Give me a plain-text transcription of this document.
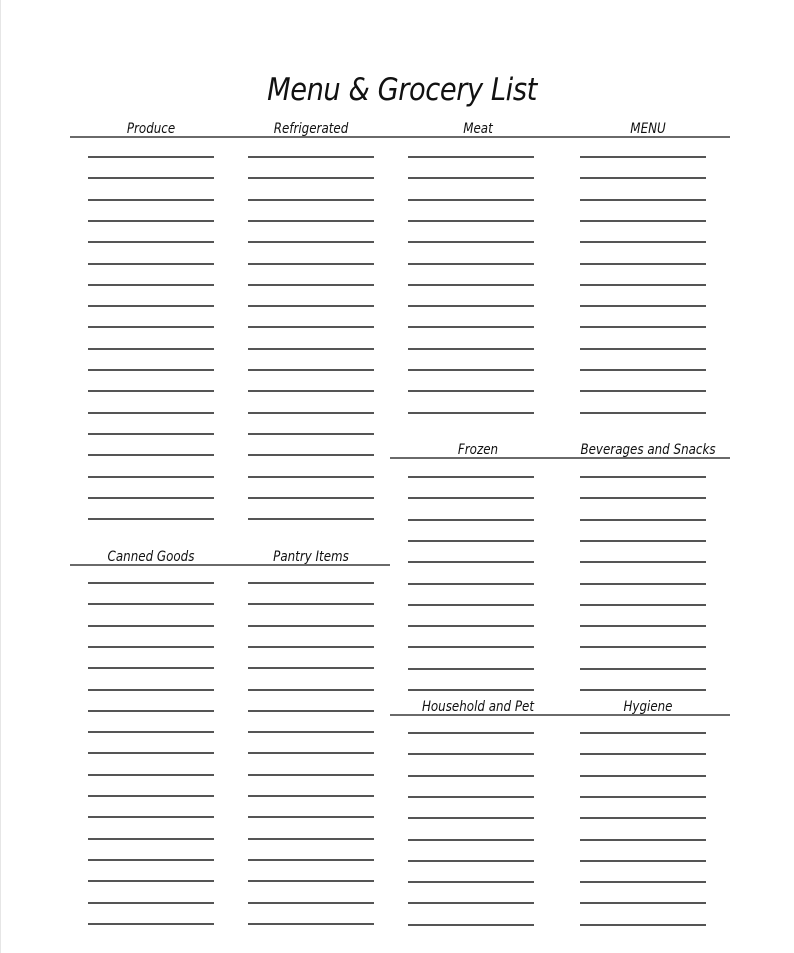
Menu & Grocery List
Produce	Refrigerated	Meat	MENU
Frozen	Beverages and Snacks
Canned Goods	Pantry Items
Household and Pet	Hygiene
